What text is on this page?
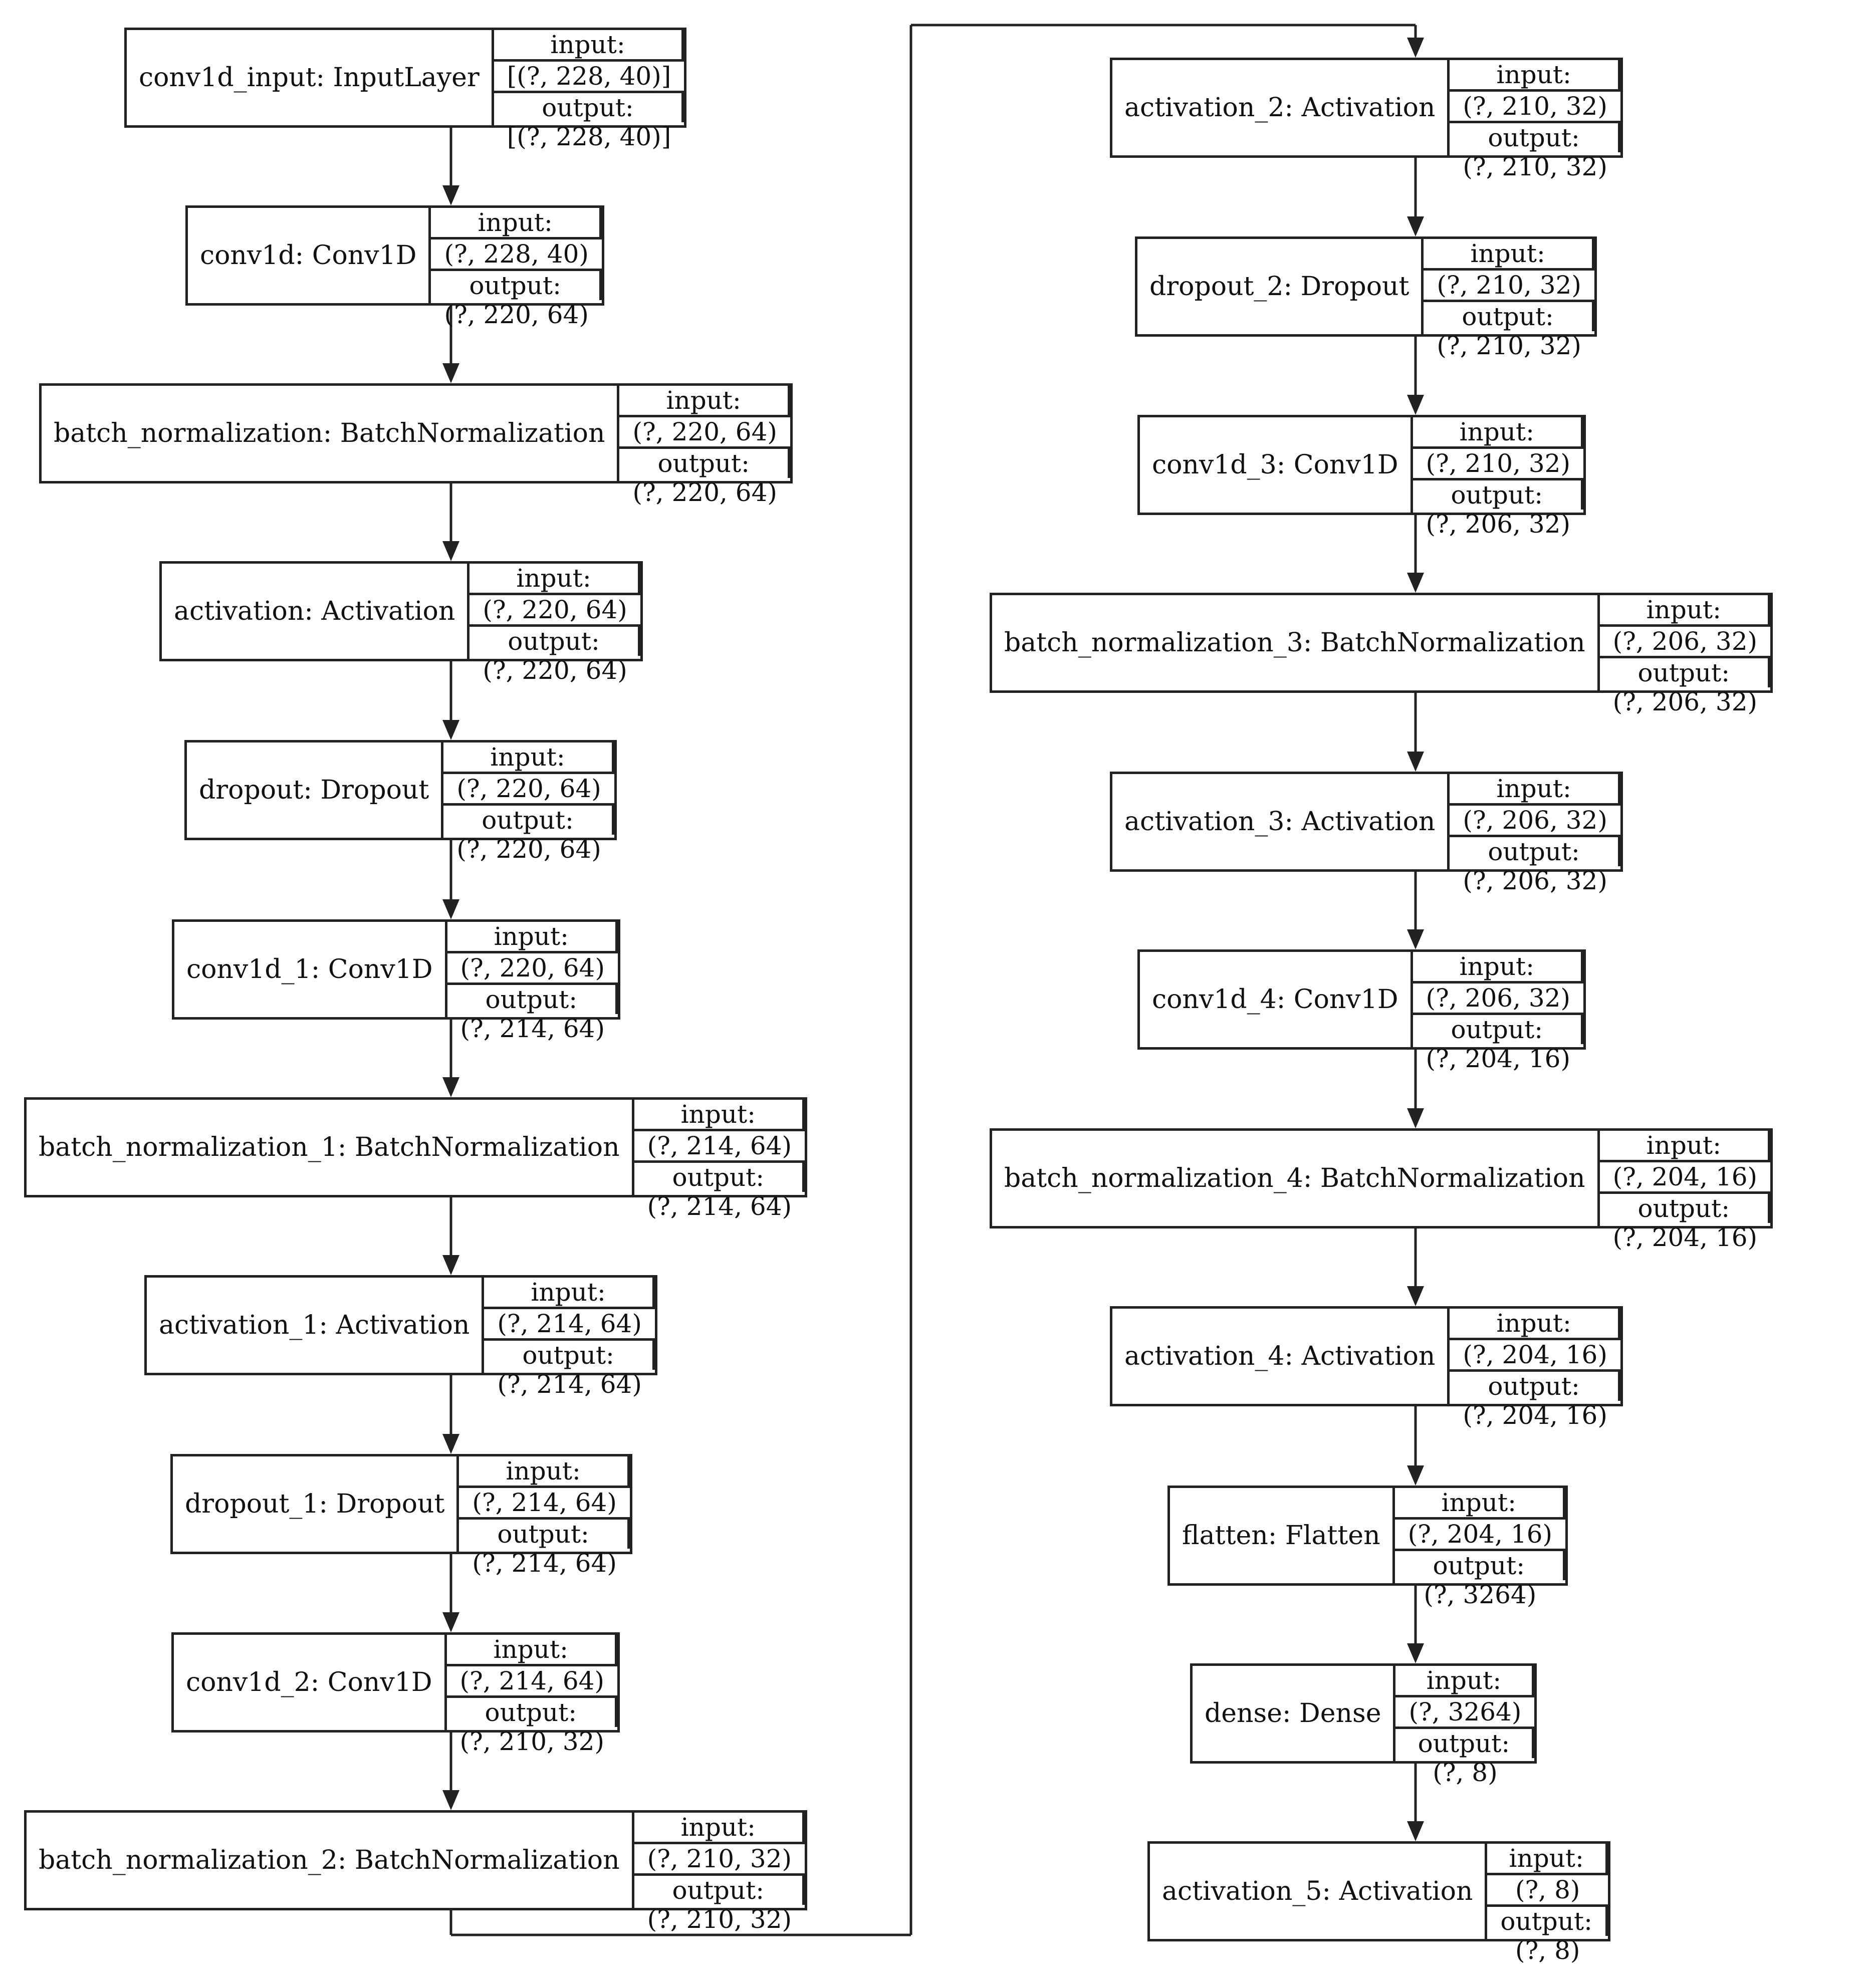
conv1d_input: InputLayer
input:
[(?, 228, 40)]
output:
[(?, 228, 40)]
conv1d: Conv1D
input:
(?, 228, 40)
output:
(?, 220, 64)
batch_normalization: BatchNormalization
input:
(?, 220, 64)
output:
(?, 220, 64)
activation: Activation
input:
(?, 220, 64)
output:
(?, 220, 64)
dropout: Dropout
input:
(?, 220, 64)
output:
(?, 220, 64)
conv1d_1: Conv1D
input:
(?, 220, 64)
output:
(?, 214, 64)
batch_normalization_1: BatchNormalization
input:
(?, 214, 64)
output:
(?, 214, 64)
activation_1: Activation
input:
(?, 214, 64)
output:
(?, 214, 64)
dropout_1: Dropout
input:
(?, 214, 64)
output:
(?, 214, 64)
conv1d_2: Conv1D
input:
(?, 214, 64)
output:
(?, 210, 32)
batch_normalization_2: BatchNormalization
input:
(?, 210, 32)
output:
(?, 210, 32)
activation_2: Activation
input:
(?, 210, 32)
output:
(?, 210, 32)
dropout_2: Dropout
input:
(?, 210, 32)
output:
(?, 210, 32)
conv1d_3: Conv1D
input:
(?, 210, 32)
output:
(?, 206, 32)
batch_normalization_3: BatchNormalization
input:
(?, 206, 32)
output:
(?, 206, 32)
activation_3: Activation
input:
(?, 206, 32)
output:
(?, 206, 32)
conv1d_4: Conv1D
input:
(?, 206, 32)
output:
(?, 204, 16)
batch_normalization_4: BatchNormalization
input:
(?, 204, 16)
output:
(?, 204, 16)
activation_4: Activation
input:
(?, 204, 16)
output:
(?, 204, 16)
flatten: Flatten
input:
(?, 204, 16)
output:
(?, 3264)
dense: Dense
input:
(?, 3264)
output:
(?, 8)
activation_5: Activation
input:
(?, 8)
output:
(?, 8)
